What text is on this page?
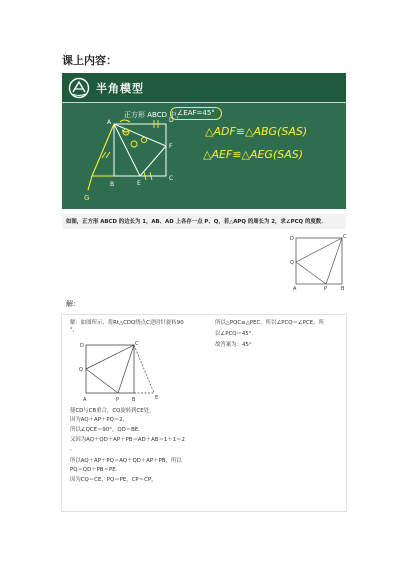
课上内容：
半角模型
A	D
F
C
E
B
G
正方形 ABCD 中，
∠EAF=45°
△ADF≌△ABG(SAS)
△AEF≌△AEG(SAS)
如图，正方形 ABCD 的边长为 1，AB、AD 上各存一点 P、Q，若△APQ 的周长为 2，求∠PCQ 的度数．
D	C
Q
A	P	B
解：
解：如图所示，将Rt△CDQ绕点C逆时针旋转90
°，
D	C
Q
A	P	B	E
使CD与CB重合，CQ旋转到CE处，
因为AQ＋AP＋PQ＝2，
所以∠QCE＝90°，QD＝BE．
又因为AQ＋QD＋AP＋PB＝AD＋AB＝1＋1＝2
，
所以AQ＋AP＋PQ＝AQ＋QD＋AP＋PB，所以
PQ＝QD＋PB＝PE．
因为CQ＝CE，PQ＝PE，CP＝CP，
所以△PQC≌△PEC，所以∠PCQ＝∠PCE，所
以∠PCQ＝45°．
故答案为：45°
